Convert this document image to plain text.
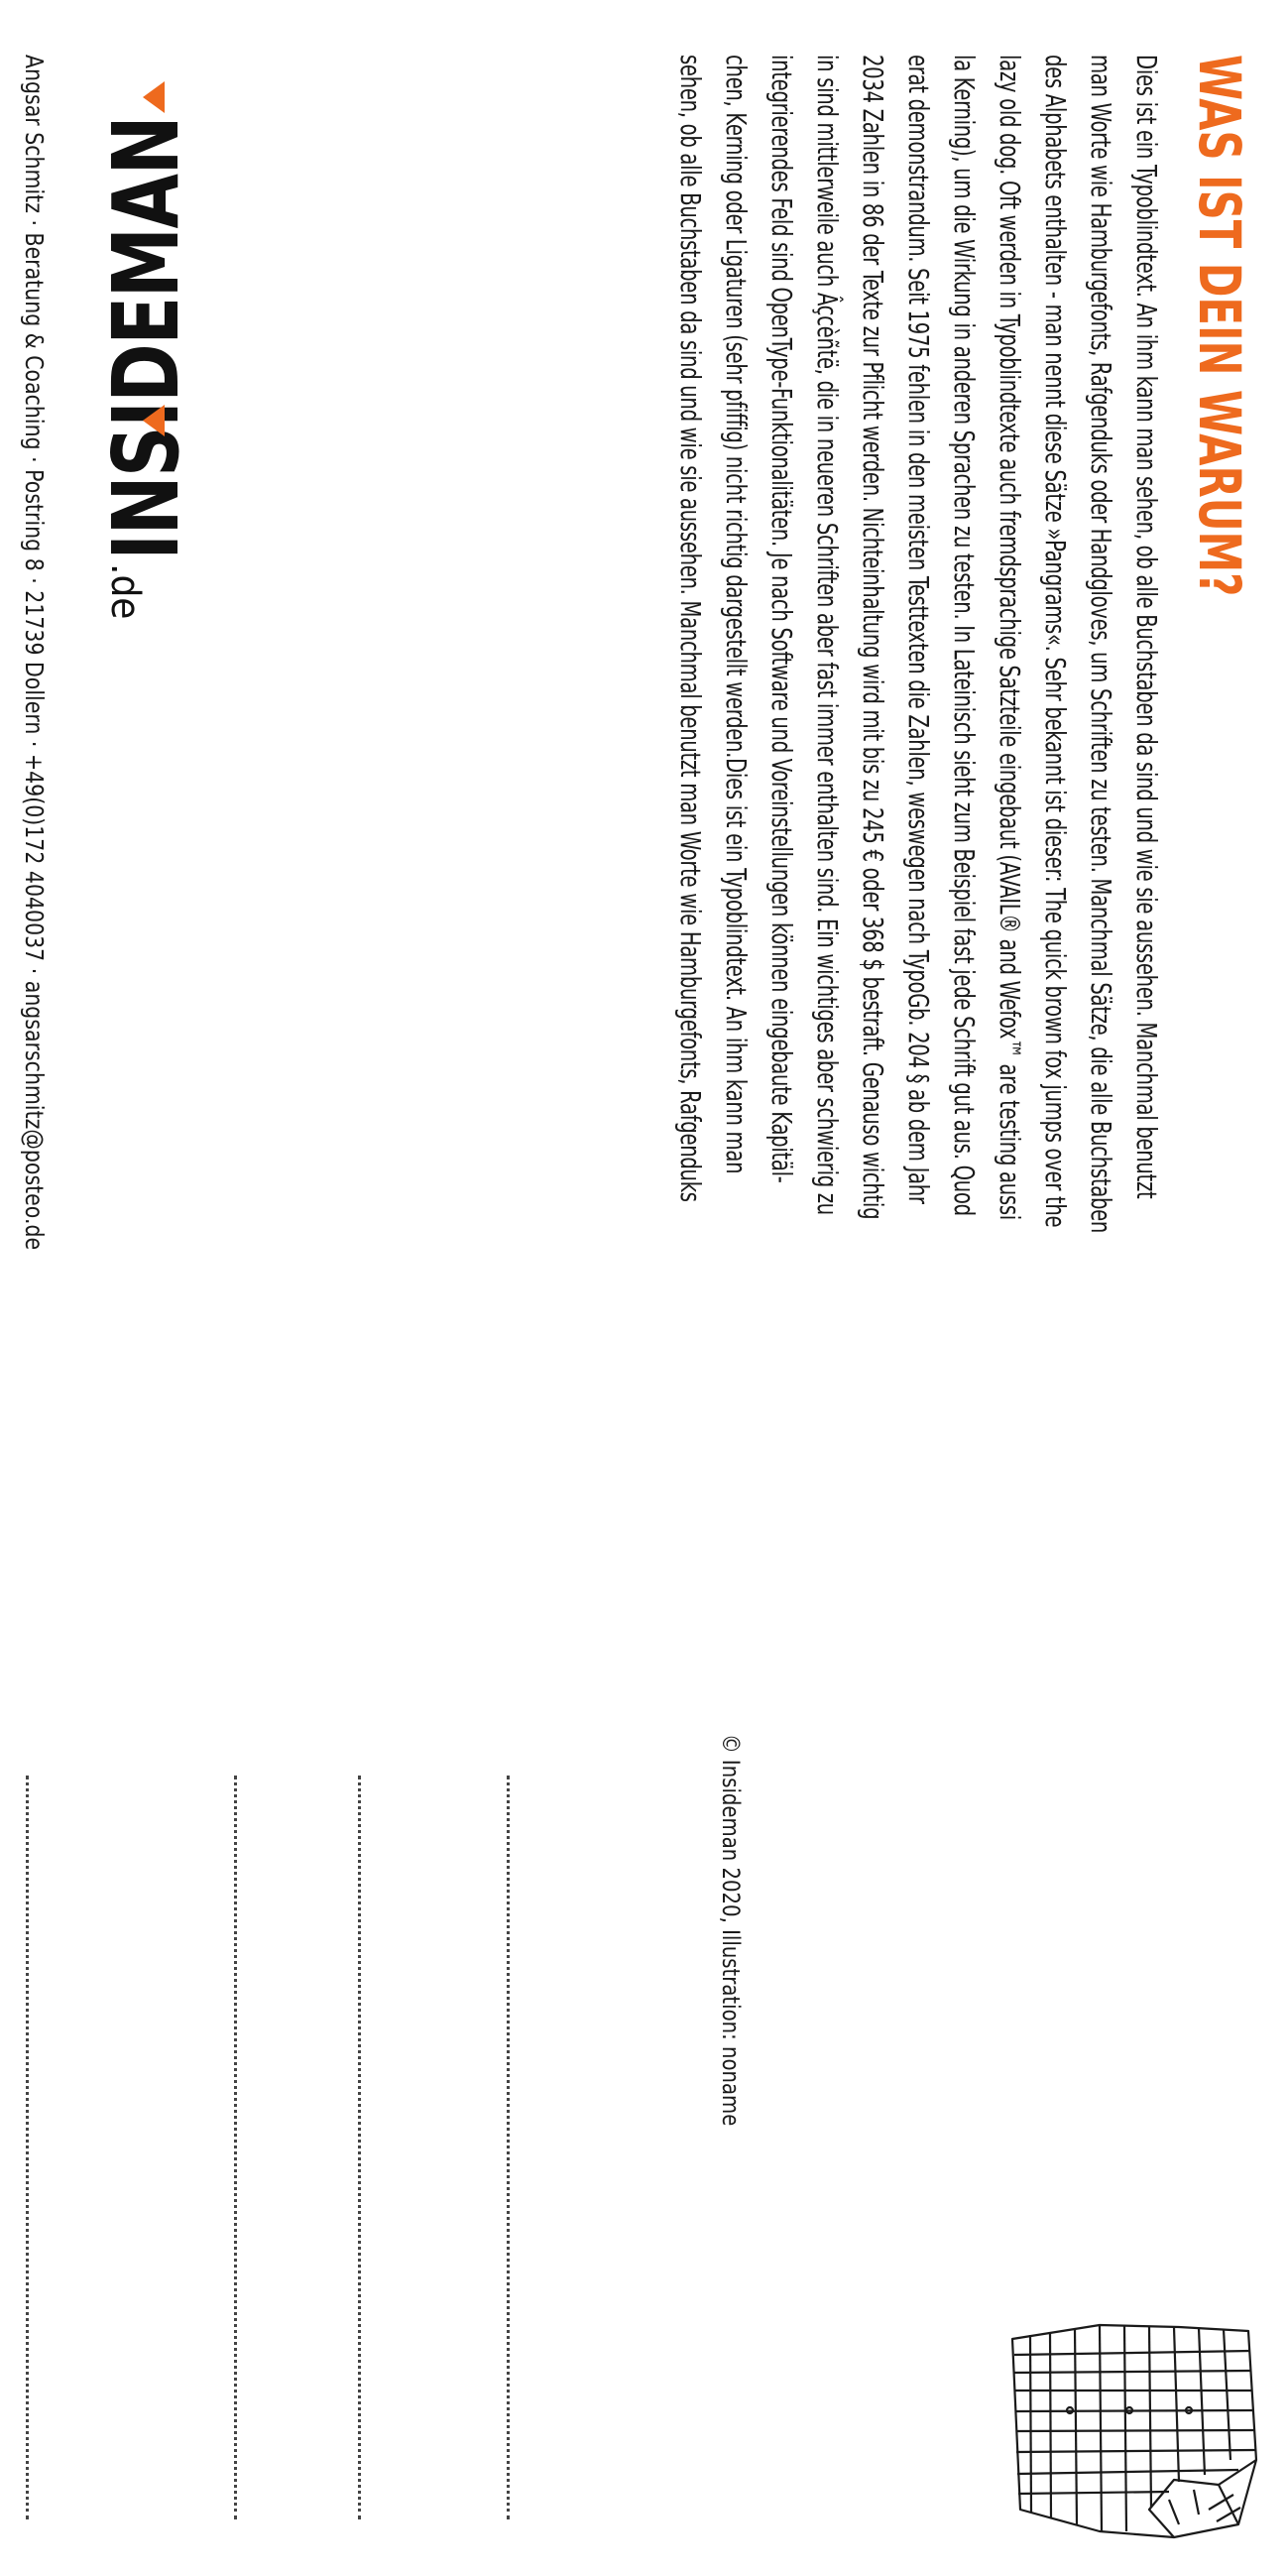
WAS IST DEIN WARUM?
Dies ist ein Typoblindtext. An ihm kann man sehen, ob alle Buchstaben da sind und wie sie aussehen. Manchmal benutzt
man Worte wie Hamburgefonts, Rafgenduks oder Handgloves, um Schriften zu testen. Manchmal Sätze, die alle Buchstaben
des Alphabets enthalten - man nennt diese Sätze »Pangrams«. Sehr bekannt ist dieser: The quick brown fox jumps over the
lazy old dog. Oft werden in Typoblindtexte auch fremdsprachige Satzteile eingebaut (AVAIL® and Wefox™ are testing aussi
la Kerning), um die Wirkung in anderen Sprachen zu testen. In Lateinisch sieht zum Beispiel fast jede Schrift gut aus. Quod
erat demonstrandum. Seit 1975 fehlen in den meisten Testtexten die Zahlen, weswegen nach TypoGb. 204 § ab dem Jahr
2034 Zahlen in 86 der Texte zur Pflicht werden. Nichteinhaltung wird mit bis zu 245 € oder 368 $ bestraft. Genauso wichtig
in sind mittlerweile auch Âçcèñtë, die in neueren Schriften aber fast immer enthalten sind. Ein wichtiges aber schwierig zu
integrierendes Feld sind OpenType-Funktionalitäten. Je nach Software und Voreinstellungen können eingebaute Kapitäl-
chen, Kerning oder Ligaturen (sehr pfiffig) nicht richtig dargestellt werden.Dies ist ein Typoblindtext. An ihm kann man
sehen, ob alle Buchstaben da sind und wie sie aussehen. Manchmal benutzt man Worte wie Hamburgefonts, Rafgenduks
© Insideman 2020, Illustration: noname
INSIDEMAN
.de
Angsar Schmitz · Beratung & Coaching · Postring 8 · 21739 Dollern · +49(0)172 4040037 · angsarschmitz@posteo.de
